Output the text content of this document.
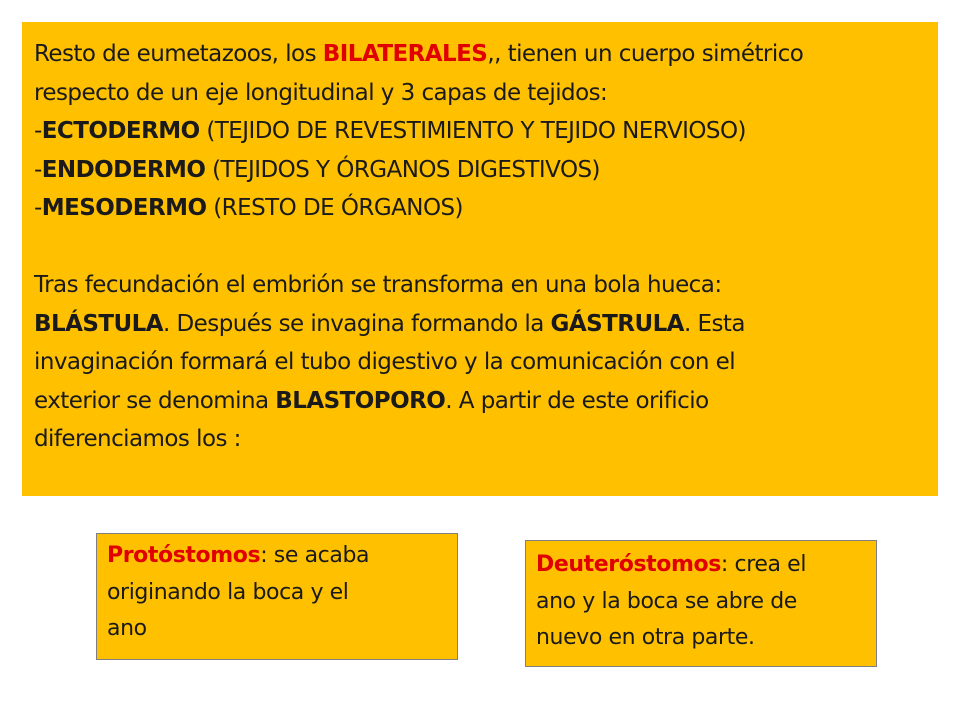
Resto de eumetazoos, los BILATERALES,, tienen un cuerpo simétrico

respecto de un eje longitudinal y 3 capas de tejidos:

-ECTODERMO (TEJIDO DE REVESTIMIENTO Y TEJIDO NERVIOSO)

-ENDODERMO (TEJIDOS Y ÓRGANOS DIGESTIVOS)

-MESODERMO (RESTO DE ÓRGANOS)

Tras fecundación el embrión se transforma en una bola hueca:

BLÁSTULA. Después se invagina formando la GÁSTRULA. Esta

invaginación formará el tubo digestivo y la comunicación con el

exterior se denomina BLASTOPORO. A partir de este orificio

diferenciamos los :

Protóstomos: se acaba

originando la boca y el

ano

Deuteróstomos: crea el

ano y la boca se abre de

nuevo en otra parte.
